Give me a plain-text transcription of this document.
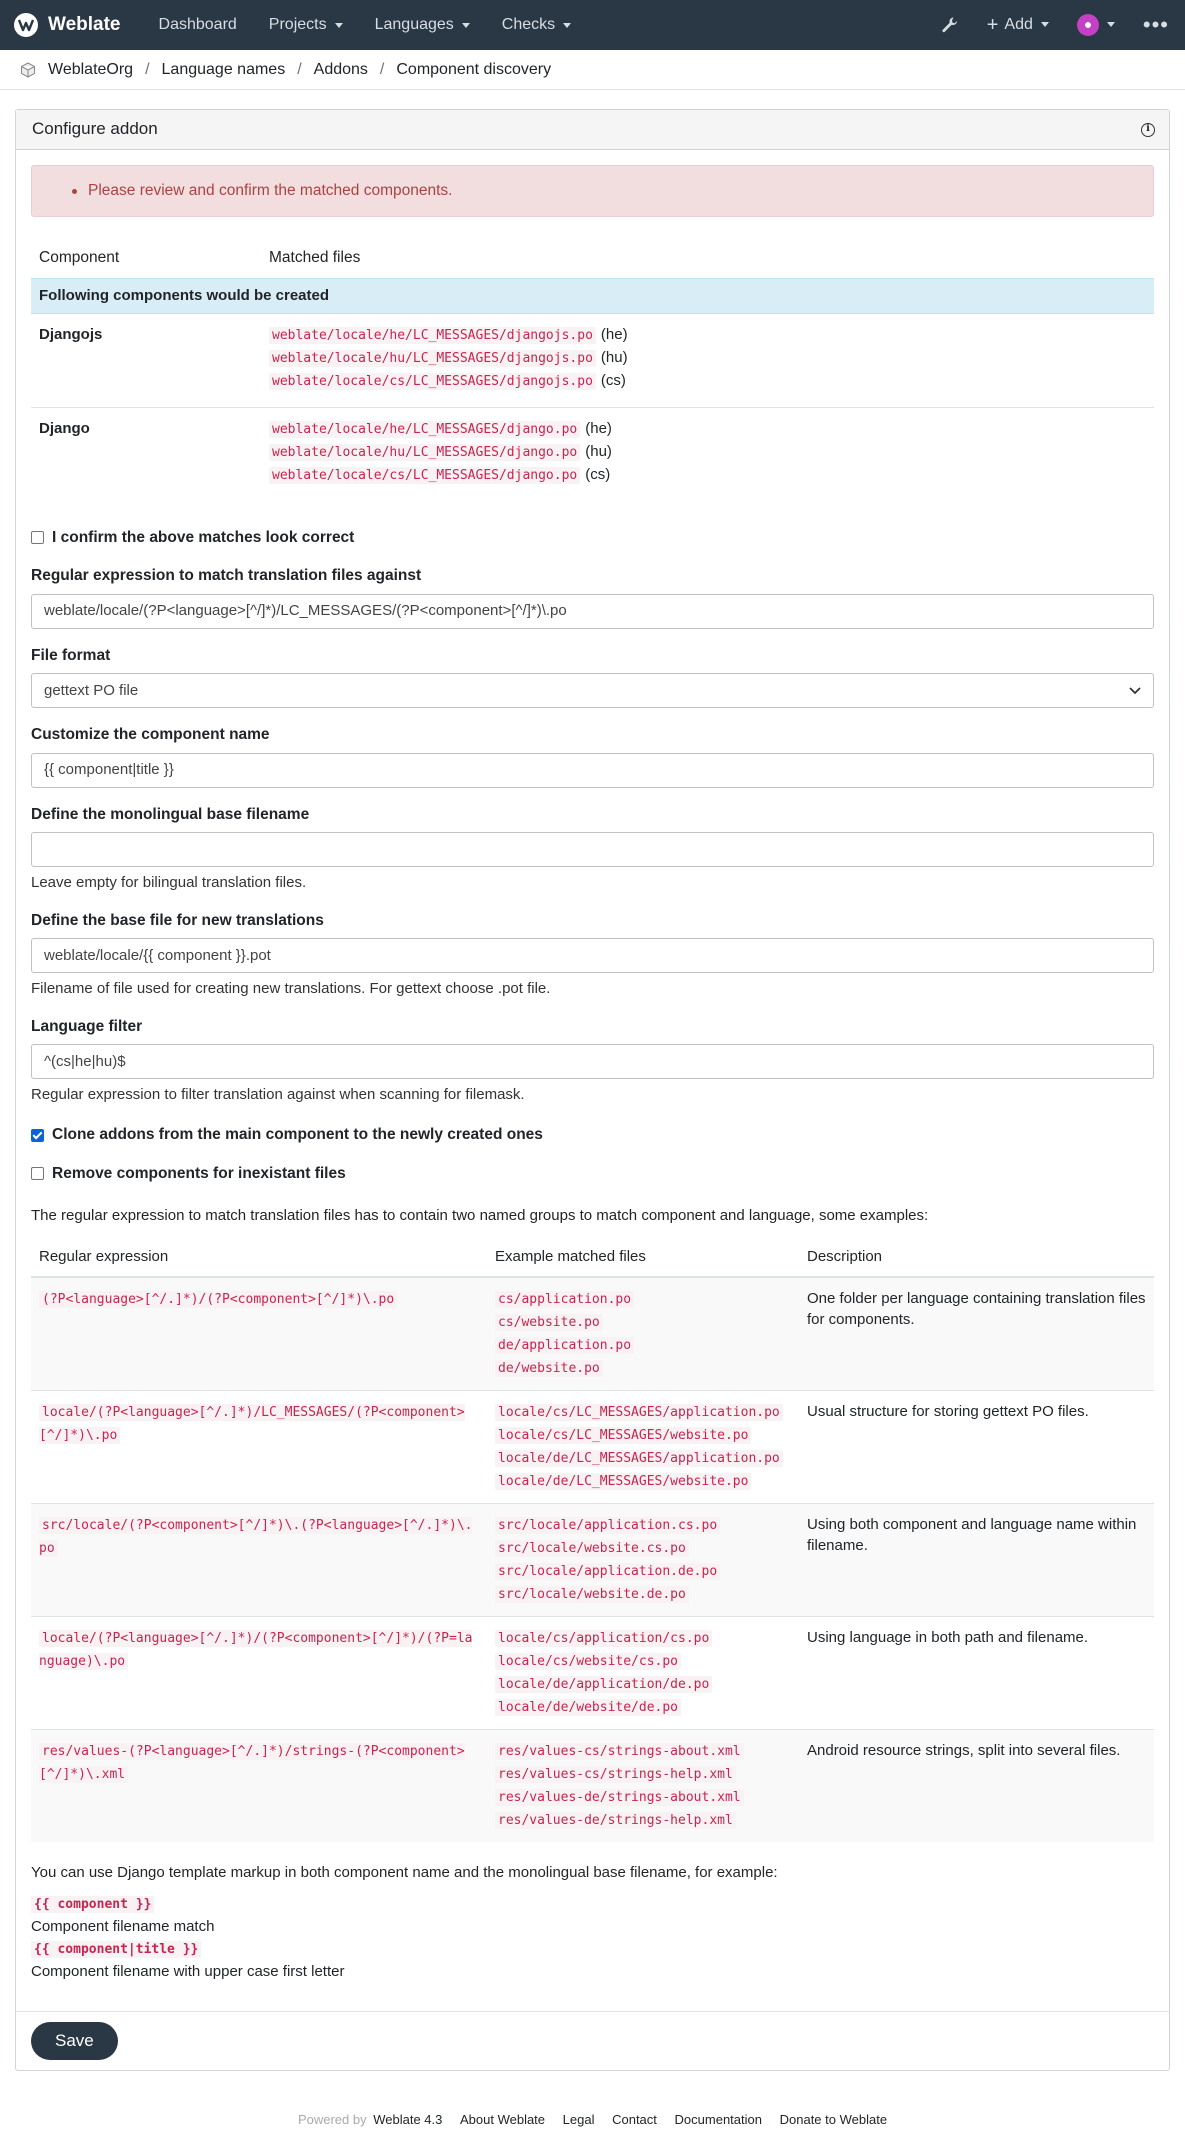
Weblate Dashboard Projects	Languages	Checks	+ Add	•••
WeblateOrg / Language names / Addons / Component discovery
Configure addon	i
Please review and confirm the matched components.
Component	Matched files
Following components would be created	
Djangojs	weblate/locale/he/LC_MESSAGES/djangojs.po (he)
weblate/locale/hu/LC_MESSAGES/djangojs.po (hu)
weblate/locale/cs/LC_MESSAGES/djangojs.po (cs)

Django	weblate/locale/he/LC_MESSAGES/django.po (he)
weblate/locale/hu/LC_MESSAGES/django.po (hu)
weblate/locale/cs/LC_MESSAGES/django.po (cs)
I confirm the above matches look correct
Regular expression to match translation files against
weblate/locale/(?P<language>[^/]*)/LC_MESSAGES/(?P<component>[^/]*)\.po
File format
gettext PO file
Customize the component name
{{ component|title }}
Define the monolingual base filename
Leave empty for bilingual translation files.
Define the base file for new translations
weblate/locale/{{ component }}.pot
Filename of file used for creating new translations. For gettext choose .pot file.
Language filter
^(cs|he|hu)$
Regular expression to filter translation against when scanning for filemask.
Clone addons from the main component to the newly created ones
Remove components for inexistant files
The regular expression to match translation files has to contain two named groups to match component and language, some examples:
Regular expression	Example matched files	Description
(?P<language>[^/.]*)/(?P<component>[^/]*)\.po	cs/application.po
cs/website.po
de/application.po
de/website.po	One folder per language containing translation files for components.
locale/(?P<language>[^/.]*)/LC_MESSAGES/(?P<component>[^/]*)\.po	locale/cs/LC_MESSAGES/application.po
locale/cs/LC_MESSAGES/website.po
locale/de/LC_MESSAGES/application.po
locale/de/LC_MESSAGES/website.po	Usual structure for storing gettext PO files.
src/locale/(?P<component>[^/]*)\.(?P<language>[^/.]*)\.po	src/locale/application.cs.po
src/locale/website.cs.po
src/locale/application.de.po
src/locale/website.de.po	Using both component and language name within filename.
locale/(?P<language>[^/.]*)/(?P<component>[^/]*)/(?P=language)\.po	locale/cs/application/cs.po
locale/cs/website/cs.po
locale/de/application/de.po
locale/de/website/de.po	Using language in both path and filename.
res/values-(?P<language>[^/.]*)/strings-(?P<component>[^/]*)\.xml	res/values-cs/strings-about.xml
res/values-cs/strings-help.xml
res/values-de/strings-about.xml
res/values-de/strings-help.xml	Android resource strings, split into several files.
You can use Django template markup in both component name and the monolingual base filename, for example:
{{ component }}
Component filename match
{{ component|title }}
Component filename with upper case first letter
Save
Powered by Weblate 4.3 About Weblate Legal Contact Documentation Donate to Weblate
